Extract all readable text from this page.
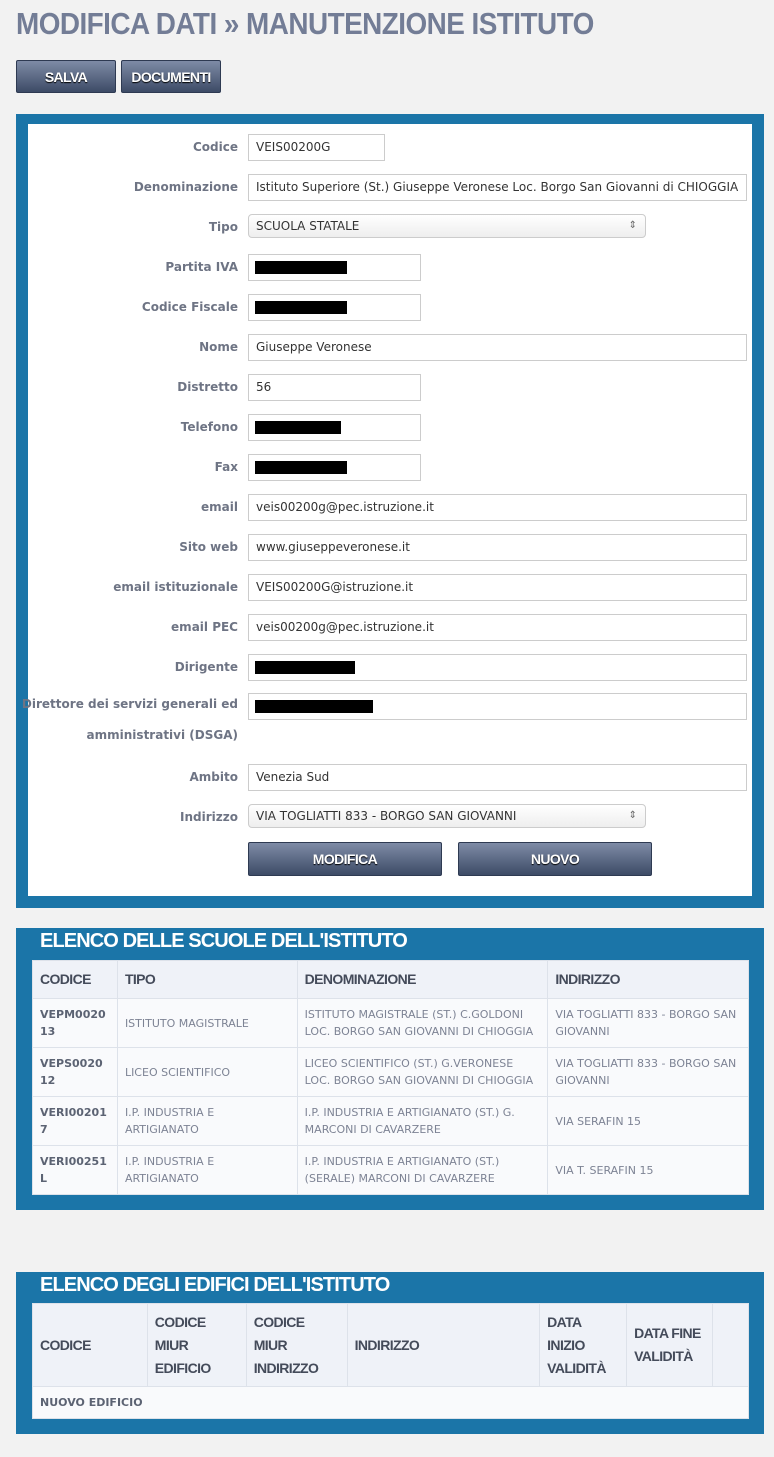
MODIFICA DATI » MANUTENZIONE ISTITUTO
SALVA	DOCUMENTI
Codice	VEIS00200G
Denominazione	Istituto Superiore (St.) Giuseppe Veronese Loc. Borgo San Giovanni di CHIOGGIA
Tipo	SCUOLA STATALE ⇕
Partita IVA
Codice Fiscale
Nome	Giuseppe Veronese
Distretto	56
Telefono
Fax
email	veis00200g@pec.istruzione.it
Sito web	www.giuseppeveronese.it
email istituzionale	VEIS00200G@istruzione.it
email PEC	veis00200g@pec.istruzione.it
Dirigente
Direttore dei servizi generali ed amministrativi (DSGA)
Ambito	Venezia Sud
Indirizzo	VIA TOGLIATTI 833 - BORGO SAN GIOVANNI ⇕
MODIFICA	NUOVO
ELENCO DELLE SCUOLE DELL'ISTITUTO
CODICE	TIPO	DENOMINAZIONE	INDIRIZZO
VEPM002013	ISTITUTO MAGISTRALE	ISTITUTO MAGISTRALE (ST.) C.GOLDONI LOC. BORGO SAN GIOVANNI DI CHIOGGIA	VIA TOGLIATTI 833 - BORGO SAN GIOVANNI
VEPS002012	LICEO SCIENTIFICO	LICEO SCIENTIFICO (ST.) G.VERONESE LOC. BORGO SAN GIOVANNI DI CHIOGGIA	VIA TOGLIATTI 833 - BORGO SAN GIOVANNI
VERI002017	I.P. INDUSTRIA E ARTIGIANATO	I.P. INDUSTRIA E ARTIGIANATO (ST.) G. MARCONI DI CAVARZERE	VIA SERAFIN 15
VERI00251L	I.P. INDUSTRIA E ARTIGIANATO	I.P. INDUSTRIA E ARTIGIANATO (ST.) (SERALE) MARCONI DI CAVARZERE	VIA T. SERAFIN 15
ELENCO DEGLI EDIFICI DELL'ISTITUTO
CODICE	CODICE MIUR EDIFICIO	CODICE MIUR INDIRIZZO	INDIRIZZO	DATA INIZIO VALIDITÀ	DATA FINE VALIDITÀ	
NUOVO EDIFICIO
